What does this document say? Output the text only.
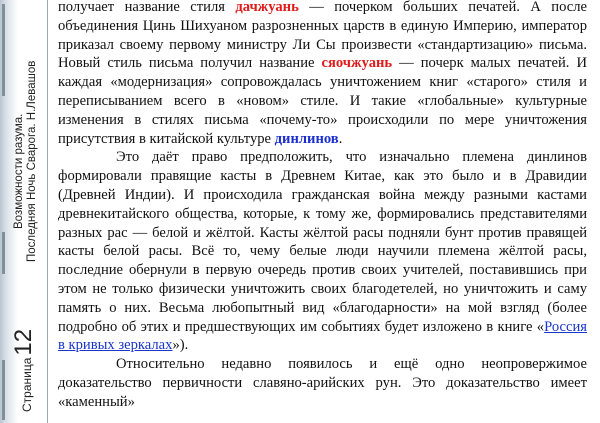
Возможности разума. Последняя Ночь Сварога. Н.Левашов
Страница12

получает название стиля дачжуань — почерком больших печатей. А после объединения Цинь Шихуаном разрозненных царств в единую Империю, император приказал своему первому министру Ли Сы произвести «стандартизацию» письма. Новый стиль письма получил название сяочжуань — почерк малых печатей. И каждая «модернизация» сопровождалась уничтожением книг «старого» стиля и переписыванием всего в «новом» стиле. И такие «глобальные» культурные изменения в стилях письма «почему-то» происходили по мере уничтожения присутствия в китайской культуре динлинов.

Это даёт право предположить, что изначально племена динлинов формировали правящие касты в Древнем Китае, как это было и в Дравидии (Древней Индии). И происходила гражданская война между разными кастами древнекитайского общества, которые, к тому же, формировались представителями разных рас — белой и жёлтой. Касты жёлтой расы подняли бунт против правящей касты белой расы. Всё то, чему белые люди научили племена жёлтой расы, последние обернули в первую очередь против своих учителей, поставившись при этом не только физически уничтожить своих благодетелей, но уничтожить и саму память о них. Весьма любопытный вид «благодарности» на мой взгляд (более подробно об этих и предшествующих им событиях будет изложено в книге «Россия в кривых зеркалах»).

Относительно недавно появилось и ещё одно неопровержимое доказательство первичности славяно-арийских рун. Это доказательство имеет «каменный»
